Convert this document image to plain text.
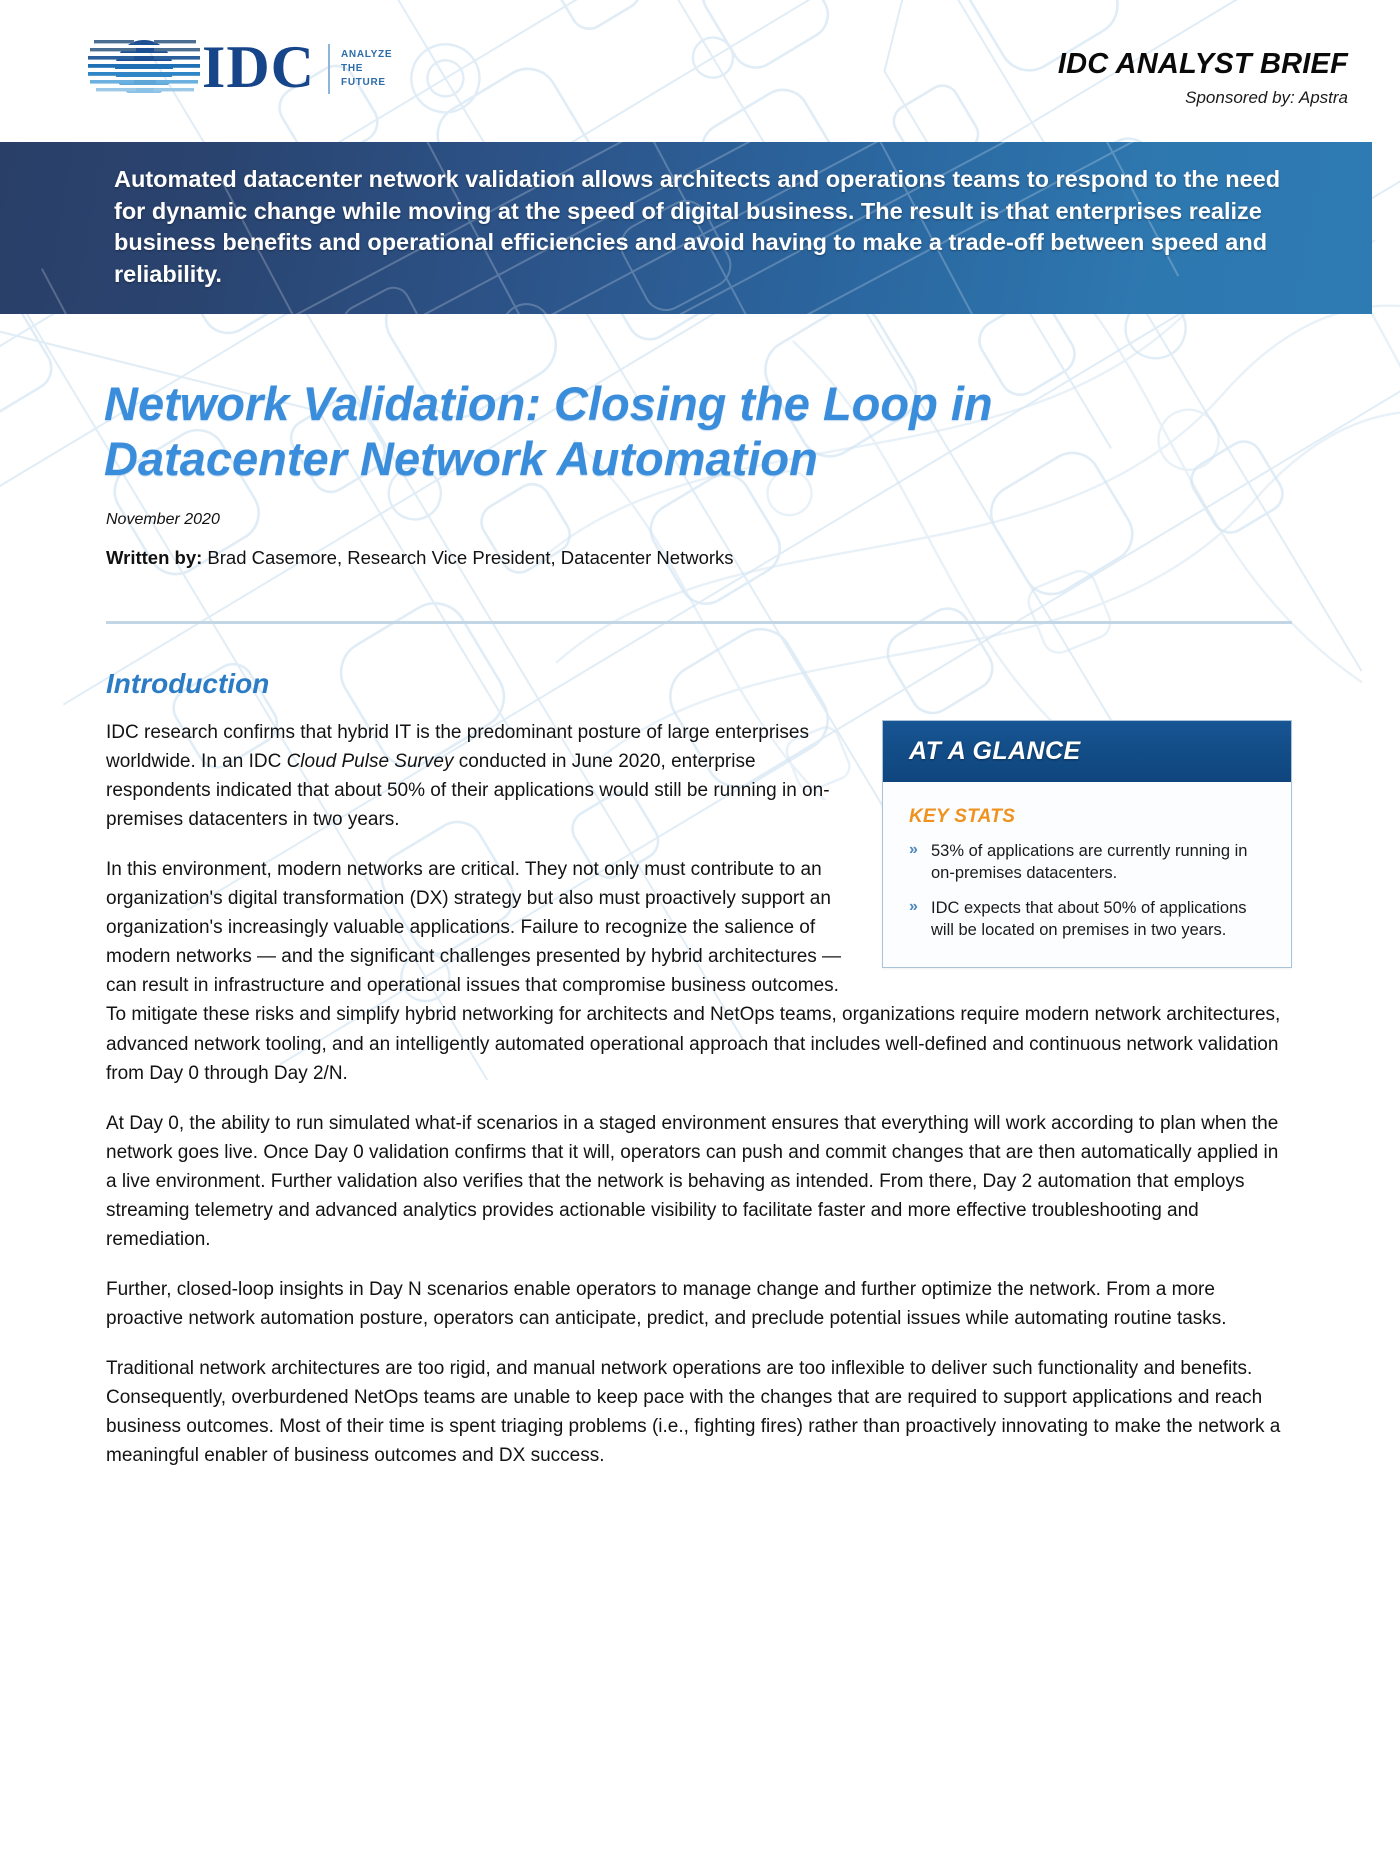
IDC	ANALYZE
THE
FUTURE
IDC ANALYST BRIEF
Sponsored by: Apstra
Automated datacenter network validation allows architects and operations teams to respond to the need for dynamic change while moving at the speed of digital business. The result is that enterprises realize business benefits and operational efficiencies and avoid having to make a trade-off between speed and reliability.
Network Validation: Closing the Loop in Datacenter Network Automation
November 2020
Written by: Brad Casemore, Research Vice President, Datacenter Networks
Introduction
AT A GLANCE
KEY STATS
» 53% of applications are currently running in on-premises datacenters.
» IDC expects that about 50% of applications will be located on premises in two years.

IDC research confirms that hybrid IT is the predominant posture of large enterprises worldwide. In an IDC Cloud Pulse Survey conducted in June 2020, enterprise respondents indicated that about 50% of their applications would still be running in on-premises datacenters in two years.

In this environment, modern networks are critical. They not only must contribute to an organization's digital transformation (DX) strategy but also must proactively support an organization's increasingly valuable applications. Failure to recognize the salience of modern networks — and the significant challenges presented by hybrid architectures — can result in infrastructure and operational issues that compromise business outcomes. To mitigate these risks and simplify hybrid networking for architects and NetOps teams, organizations require modern network architectures, advanced network tooling, and an intelligently automated operational approach that includes well-defined and continuous network validation from Day 0 through Day 2/N.

At Day 0, the ability to run simulated what-if scenarios in a staged environment ensures that everything will work according to plan when the network goes live. Once Day 0 validation confirms that it will, operators can push and commit changes that are then automatically applied in a live environment. Further validation also verifies that the network is behaving as intended. From there, Day 2 automation that employs streaming telemetry and advanced analytics provides actionable visibility to facilitate faster and more effective troubleshooting and remediation.

Further, closed-loop insights in Day N scenarios enable operators to manage change and further optimize the network. From a more proactive network automation posture, operators can anticipate, predict, and preclude potential issues while automating routine tasks.

Traditional network architectures are too rigid, and manual network operations are too inflexible to deliver such functionality and benefits. Consequently, overburdened NetOps teams are unable to keep pace with the changes that are required to support applications and reach business outcomes. Most of their time is spent triaging problems (i.e., fighting fires) rather than proactively innovating to make the network a meaningful enabler of business outcomes and DX success.
